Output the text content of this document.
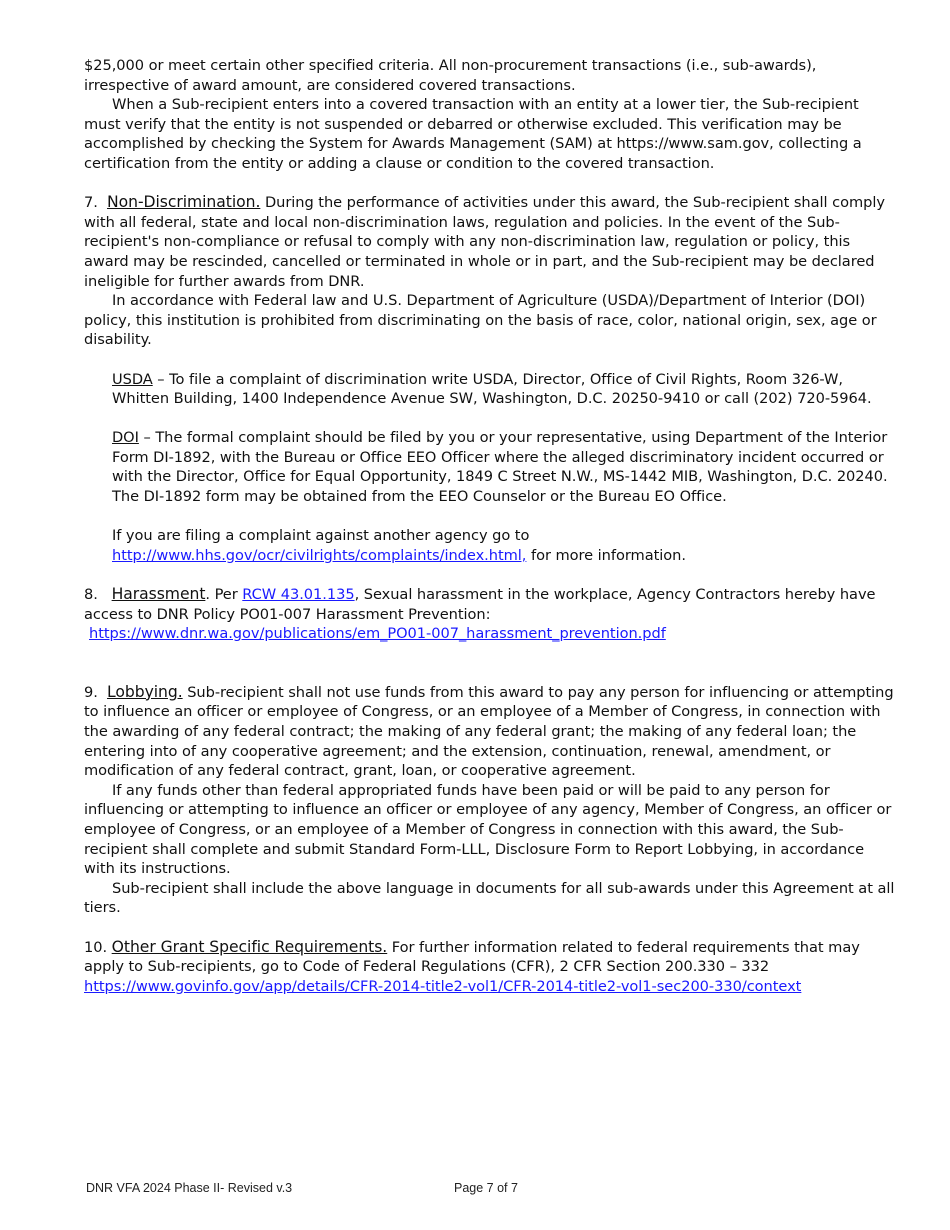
$25,000 or meet certain other specified criteria. All non-procurement transactions (i.e., sub-awards), irrespective of award amount, are considered covered transactions.

When a Sub-recipient enters into a covered transaction with an entity at a lower tier, the Sub-recipient must verify that the entity is not suspended or debarred or otherwise excluded. This verification may be accomplished by checking the System for Awards Management (SAM) at https://www.sam.gov, collecting a certification from the entity or adding a clause or condition to the covered transaction.

7. Non-Discrimination. During the performance of activities under this award, the Sub-recipient shall comply with all federal, state and local non-discrimination laws, regulation and policies. In the event of the Sub-recipient's non-compliance or refusal to comply with any non-discrimination law, regulation or policy, this award may be rescinded, cancelled or terminated in whole or in part, and the Sub-recipient may be declared ineligible for further awards from DNR.

In accordance with Federal law and U.S. Department of Agriculture (USDA)/Department of Interior (DOI) policy, this institution is prohibited from discriminating on the basis of race, color, national origin, sex, age or disability.

USDA – To file a complaint of discrimination write USDA, Director, Office of Civil Rights, Room 326-W, Whitten Building, 1400 Independence Avenue SW, Washington, D.C. 20250-9410 or call (202) 720-5964.

DOI – The formal complaint should be filed by you or your representative, using Department of the Interior Form DI-1892, with the Bureau or Office EEO Officer where the alleged discriminatory incident occurred or with the Director, Office for Equal Opportunity, 1849 C Street N.W., MS-1442 MIB, Washington, D.C. 20240. The DI-1892 form may be obtained from the EEO Counselor or the Bureau EO Office.

If you are filing a complaint against another agency go to
http://www.hhs.gov/ocr/civilrights/complaints/index.html, for more information.

8. Harassment. Per RCW 43.01.135, Sexual harassment in the workplace, Agency Contractors hereby have access to DNR Policy PO01-007 Harassment Prevention:

https://www.dnr.wa.gov/publications/em_PO01-007_harassment_prevention.pdf

9. Lobbying. Sub-recipient shall not use funds from this award to pay any person for influencing or attempting to influence an officer or employee of Congress, or an employee of a Member of Congress, in connection with the awarding of any federal contract; the making of any federal grant; the making of any federal loan; the entering into of any cooperative agreement; and the extension, continuation, renewal, amendment, or modification of any federal contract, grant, loan, or cooperative agreement.

If any funds other than federal appropriated funds have been paid or will be paid to any person for influencing or attempting to influence an officer or employee of any agency, Member of Congress, an officer or employee of Congress, or an employee of a Member of Congress in connection with this award, the Sub-recipient shall complete and submit Standard Form-LLL, Disclosure Form to Report Lobbying, in accordance with its instructions.

Sub-recipient shall include the above language in documents for all sub-awards under this Agreement at all tiers.

10. Other Grant Specific Requirements. For further information related to federal requirements that may apply to Sub-recipients, go to Code of Federal Regulations (CFR), 2 CFR Section 200.330 – 332

https://www.govinfo.gov/app/details/CFR-2014-title2-vol1/CFR-2014-title2-vol1-sec200-330/context

DNR VFA 2024 Phase II- Revised v.3	Page 7 of 7
